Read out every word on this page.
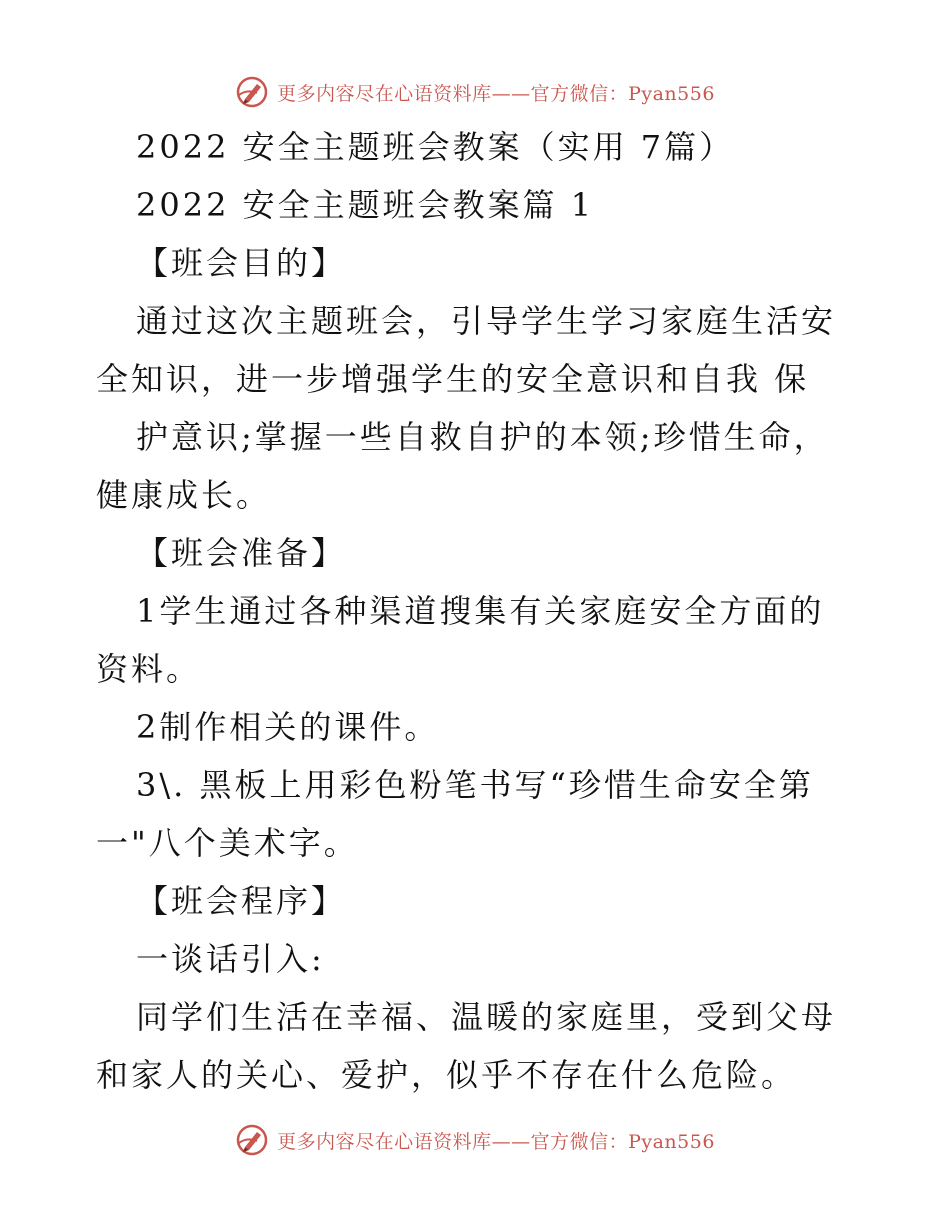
更多内容尽在心语资料库——官方微信：Pyan556

2022 安全主题班会教案（实用 7篇）

2022 安全主题班会教案篇 1

【班会目的】

通过这次主题班会，引导学生学习家庭生活安全知识，进一步增强学生的安全意识和自我 保

护意识;掌握一些自救自护的本领;珍惜生命，健康成长。

【班会准备】

1学生通过各种渠道搜集有关家庭安全方面的资料。

2制作相关的课件。

3\. 黑板上用彩色粉笔书写“珍惜生命安全第一"八个美术字。

【班会程序】

一谈话引入:

同学们生活在幸福、温暖的家庭里，受到父母和家人的关心、爱护，似乎不存在什么危险。

更多内容尽在心语资料库——官方微信：Pyan556
